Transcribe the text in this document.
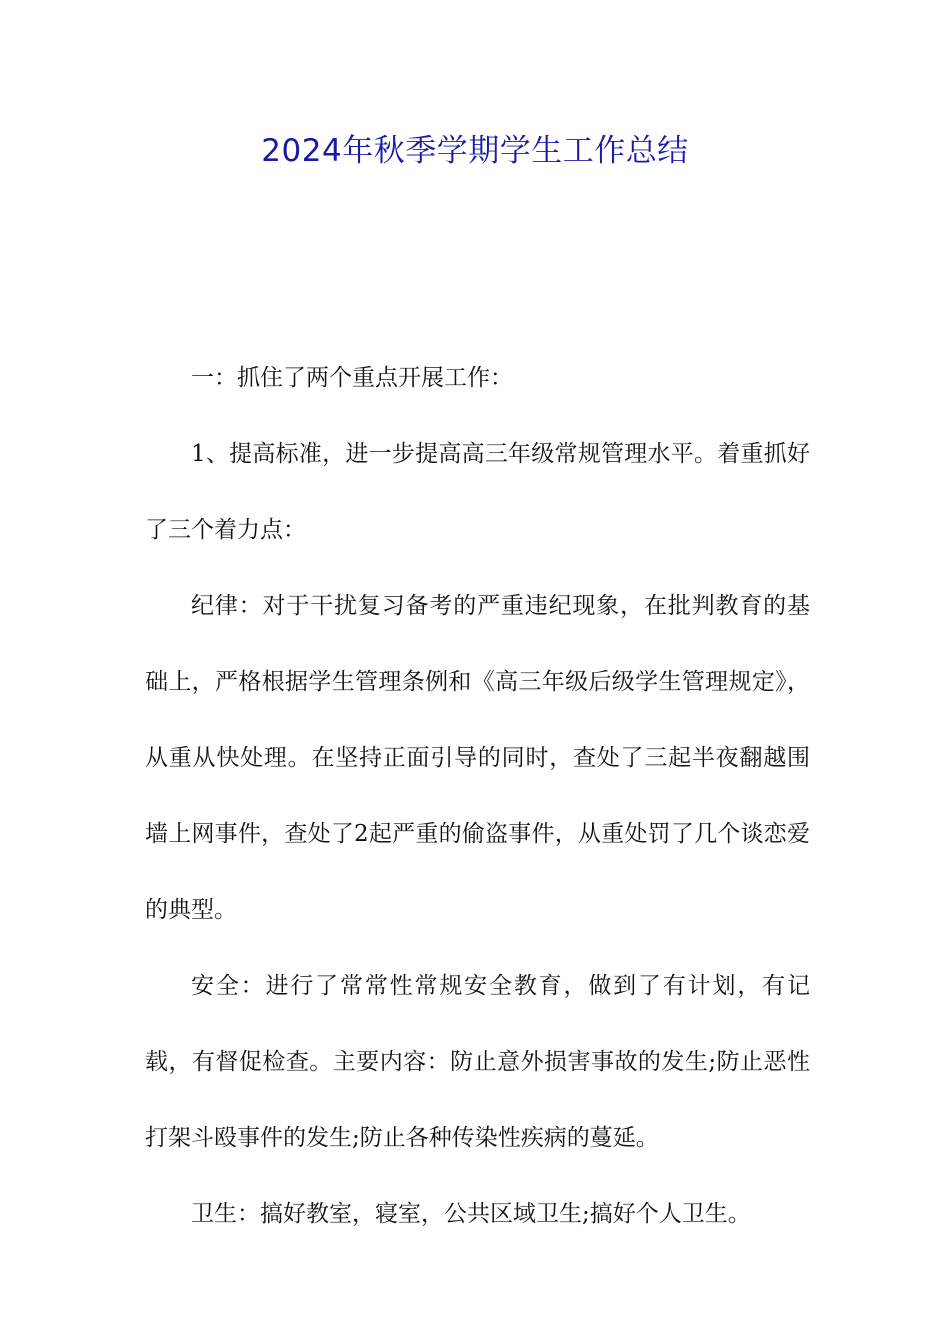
2024年秋季学期学生工作总结

一：抓住了两个重点开展工作：

1、提高标准，进一步提高高三年级常规管理水平。着重抓好了三个着力点：

纪律：对于干扰复习备考的严重违纪现象，在批判教育的基础上，严格根据学生管理条例和《高三年级后级学生管理规定》，从重从快处理。在坚持正面引导的同时，查处了三起半夜翻越围墙上网事件，查处了2起严重的偷盗事件，从重处罚了几个谈恋爱的典型。

安全：进行了常常性常规安全教育，做到了有计划，有记载，有督促检查。主要内容：防止意外损害事故的发生;防止恶性打架斗殴事件的发生;防止各种传染性疾病的蔓延。

卫生：搞好教室，寝室，公共区域卫生;搞好个人卫生。
